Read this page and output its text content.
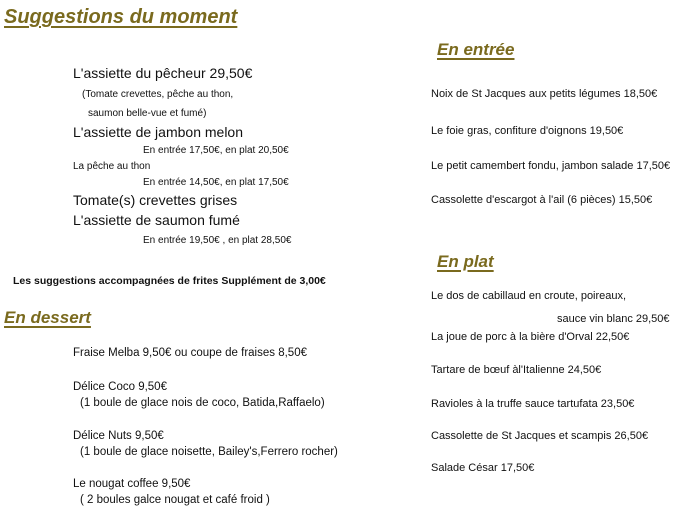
Suggestions du moment
L'assiette du pêcheur 29,50€
(Tomate crevettes, pêche au thon,
saumon belle-vue et fumé)
L'assiette de jambon melon
En entrée 17,50€, en plat 20,50€
La pêche au thon
En entrée 14,50€, en plat 17,50€
Tomate(s) crevettes grises
L'assiette de saumon fumé
En entrée 19,50€ , en plat 28,50€
Les suggestions accompagnées de frites Supplément de 3,00€
En dessert
Fraise Melba 9,50€ ou coupe de fraises 8,50€
Délice Coco 9,50€
(1 boule de glace nois de coco, Batida,Raffaelo)
Délice Nuts 9,50€
(1 boule de glace noisette, Bailey's,Ferrero rocher)
Le nougat coffee 9,50€
( 2 boules galce nougat et café froid )
En entrée
Noix de St Jacques aux petits légumes 18,50€
Le foie gras, confiture d'oignons 19,50€
Le petit camembert fondu, jambon salade 17,50€
Cassolette d'escargot à l'ail (6 pièces) 15,50€
En plat
Le dos de cabillaud en croute, poireaux,
sauce vin blanc 29,50€
La joue de porc à la bière d'Orval 22,50€
Tartare de bœuf àl'Italienne 24,50€
Ravioles à la truffe sauce tartufata 23,50€
Cassolette de St Jacques et scampis 26,50€
Salade César 17,50€
